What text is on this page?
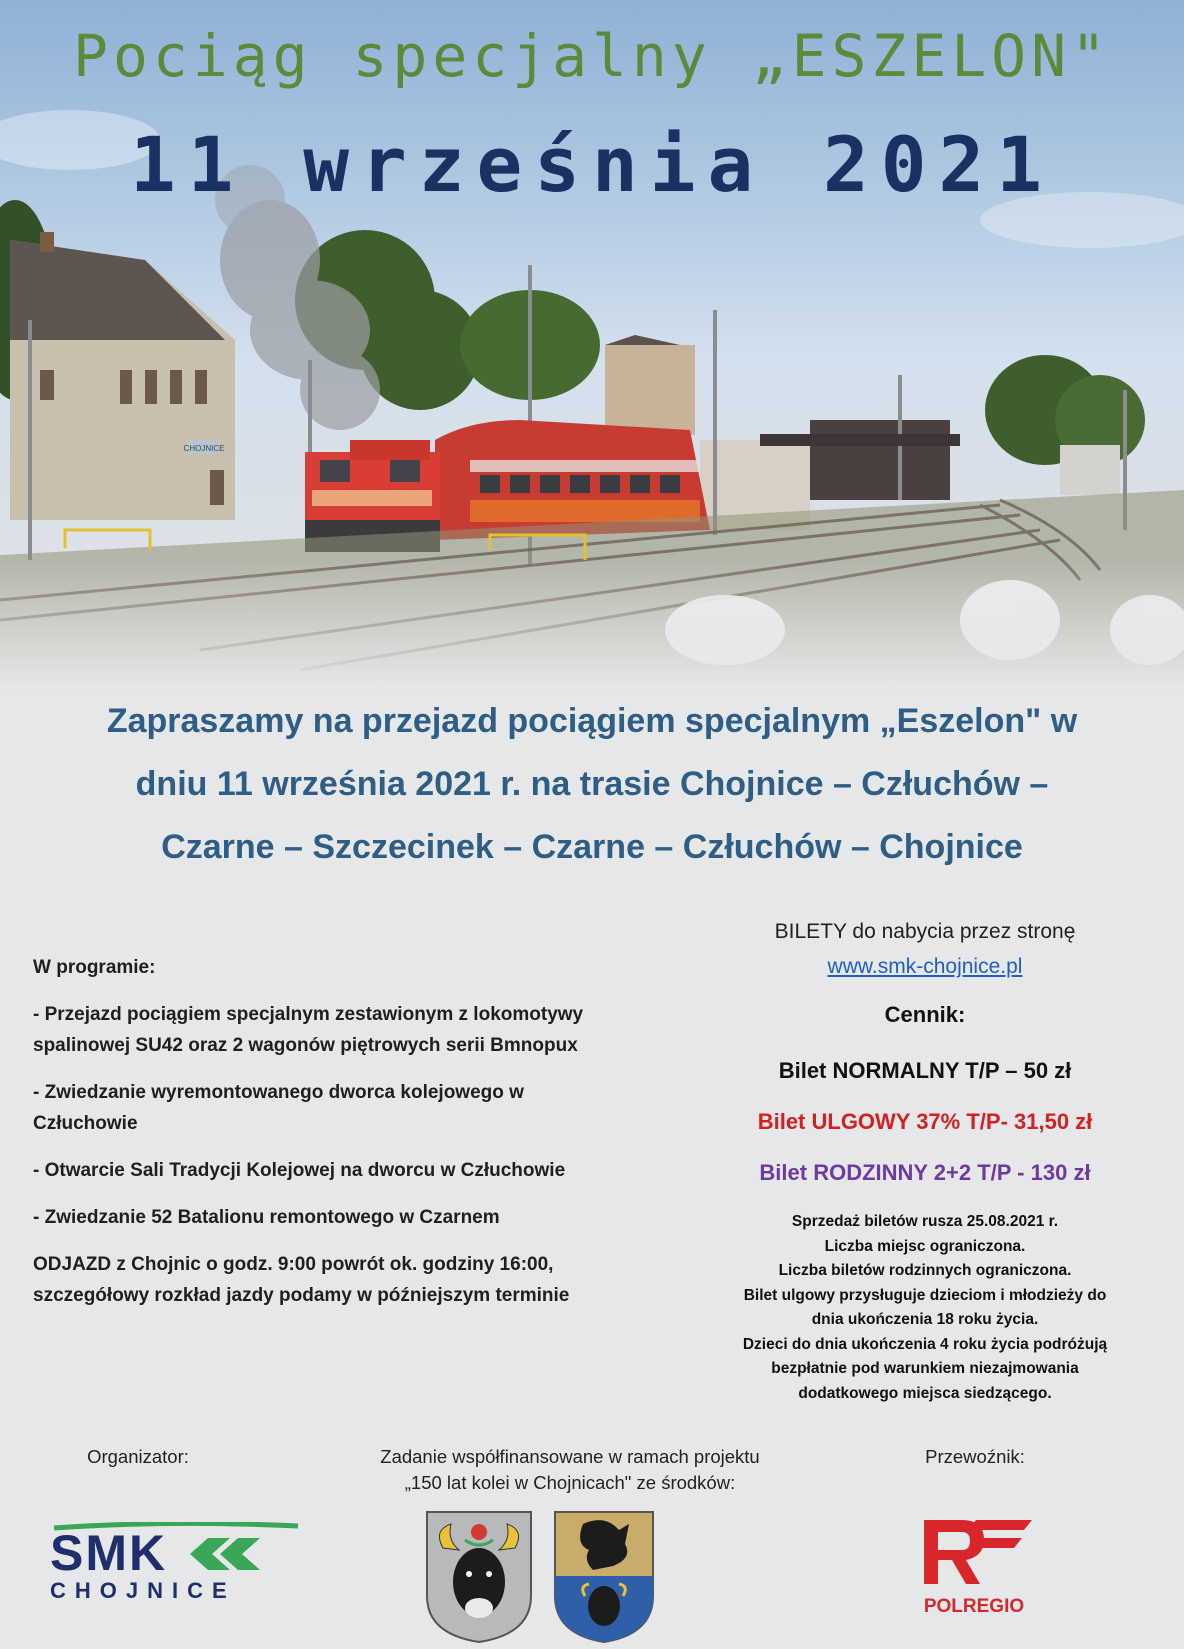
CHOJNICE
Pociąg specjalny „ESZELON"
11 września 2021
Zapraszamy na przejazd pociągiem specjalnym „Eszelon" w
dniu 11 września 2021 r. na trasie Chojnice – Człuchów –
Czarne – Szczecinek – Czarne – Człuchów – Chojnice
W programie:
- Przejazd pociągiem specjalnym zestawionym z lokomotywy
spalinowej SU42 oraz 2 wagonów piętrowych serii Bmnopux
- Zwiedzanie wyremontowanego dworca kolejowego w
Człuchowie
- Otwarcie Sali Tradycji Kolejowej na dworcu w Człuchowie
- Zwiedzanie 52 Batalionu remontowego w Czarnem
ODJAZD z Chojnic o godz. 9:00 powrót ok. godziny 16:00,
szczegółowy rozkład jazdy podamy w późniejszym terminie
BILETY do nabycia przez stronę
www.smk-chojnice.pl
Cennik:
Bilet NORMALNY T/P – 50 zł
Bilet ULGOWY 37% T/P- 31,50 zł
Bilet RODZINNY 2+2 T/P - 130 zł
Sprzedaż biletów rusza 25.08.2021 r.
Liczba miejsc ograniczona.
Liczba biletów rodzinnych ograniczona.
Bilet ulgowy przysługuje dzieciom i młodzieży do
dnia ukończenia 18 roku życia.
Dzieci do dnia ukończenia 4 roku życia podróżują
bezpłatnie pod warunkiem niezajmowania
dodatkowego miejsca siedzącego.
Organizator:	Zadanie współfinansowane w ramach projektu
„150 lat kolei w Chojnicach" ze środków:
Przewoźnik:
SMK
CHOJNICE
POLREGIO
